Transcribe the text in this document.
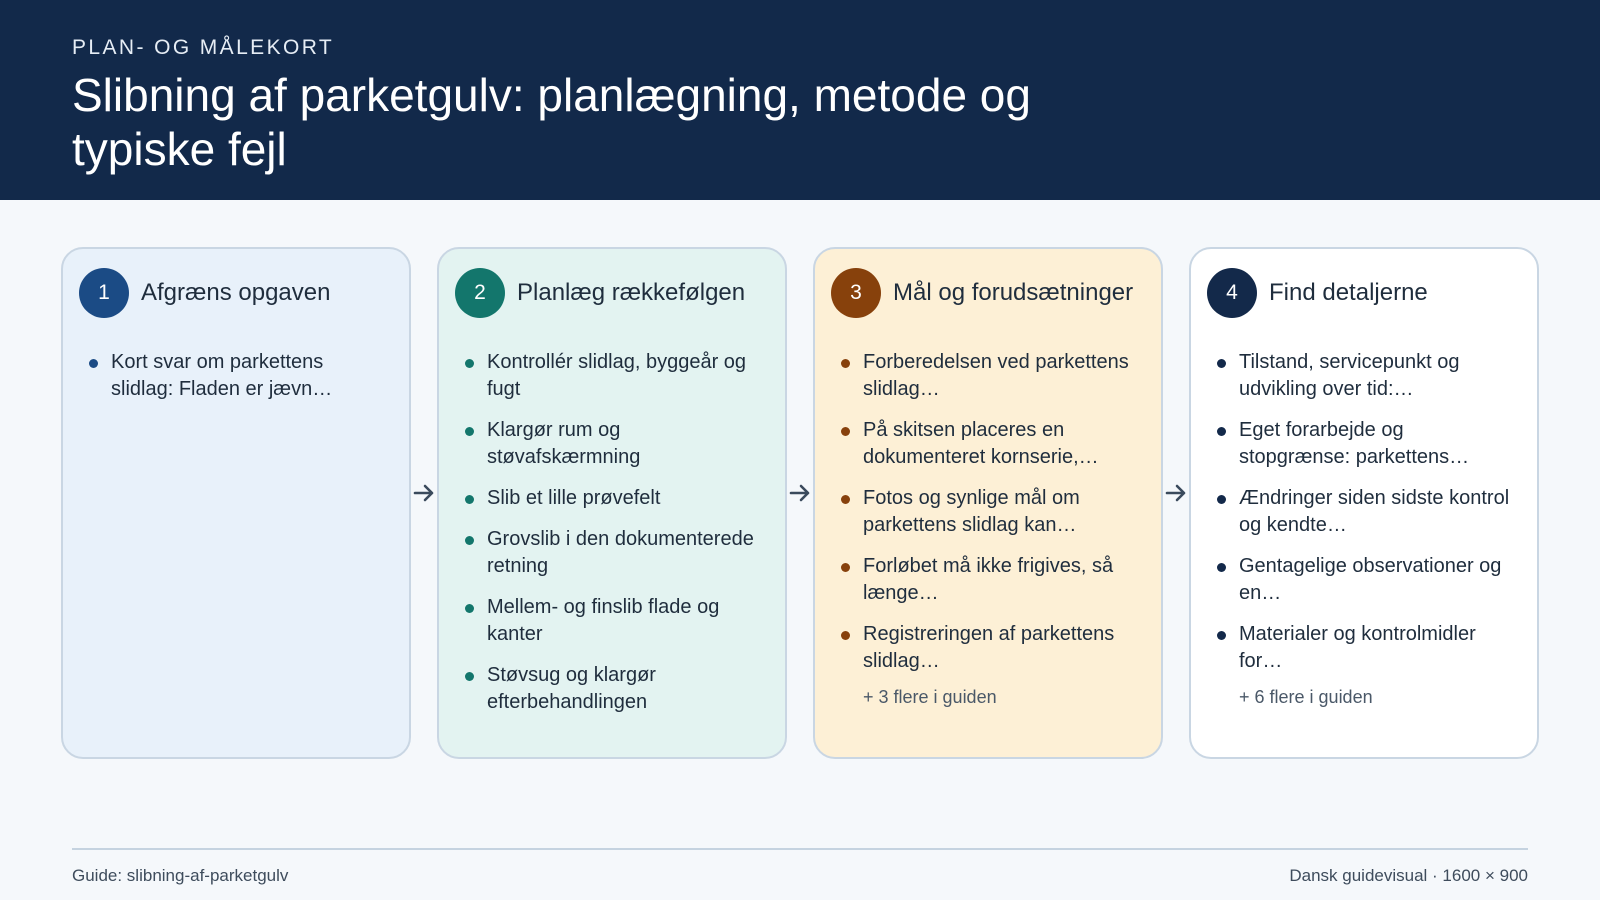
PLAN- OG MÅLEKORT
Slibning af parketgulv: planlægning, metode og typiske fejl
1	Afgræns opgaven
Kort svar om parkettens slidlag: Fladen er jævn…
2	Planlæg rækkefølgen
Kontrollér slidlag, byggeår og fugt
Klargør rum og støvafskærmning
Slib et lille prøvefelt
Grovslib i den dokumenterede retning
Mellem- og finslib flade og kanter
Støvsug og klargør efterbehandlingen
3	Mål og forudsætninger
Forberedelsen ved parkettens slidlag…
På skitsen placeres en dokumenteret kornserie,…
Fotos og synlige mål om parkettens slidlag kan…
Forløbet må ikke frigives, så længe…
Registreringen af parkettens slidlag…
+ 3 flere i guiden
4	Find detaljerne
Tilstand, servicepunkt og udvikling over tid:…
Eget forarbejde og stopgrænse: parkettens…
Ændringer siden sidste kontrol og kendte…
Gentagelige observationer og en…
Materialer og kontrolmidler for…
+ 6 flere i guiden
Guide: slibning-af-parketgulv	Dansk guidevisual · 1600 × 900
